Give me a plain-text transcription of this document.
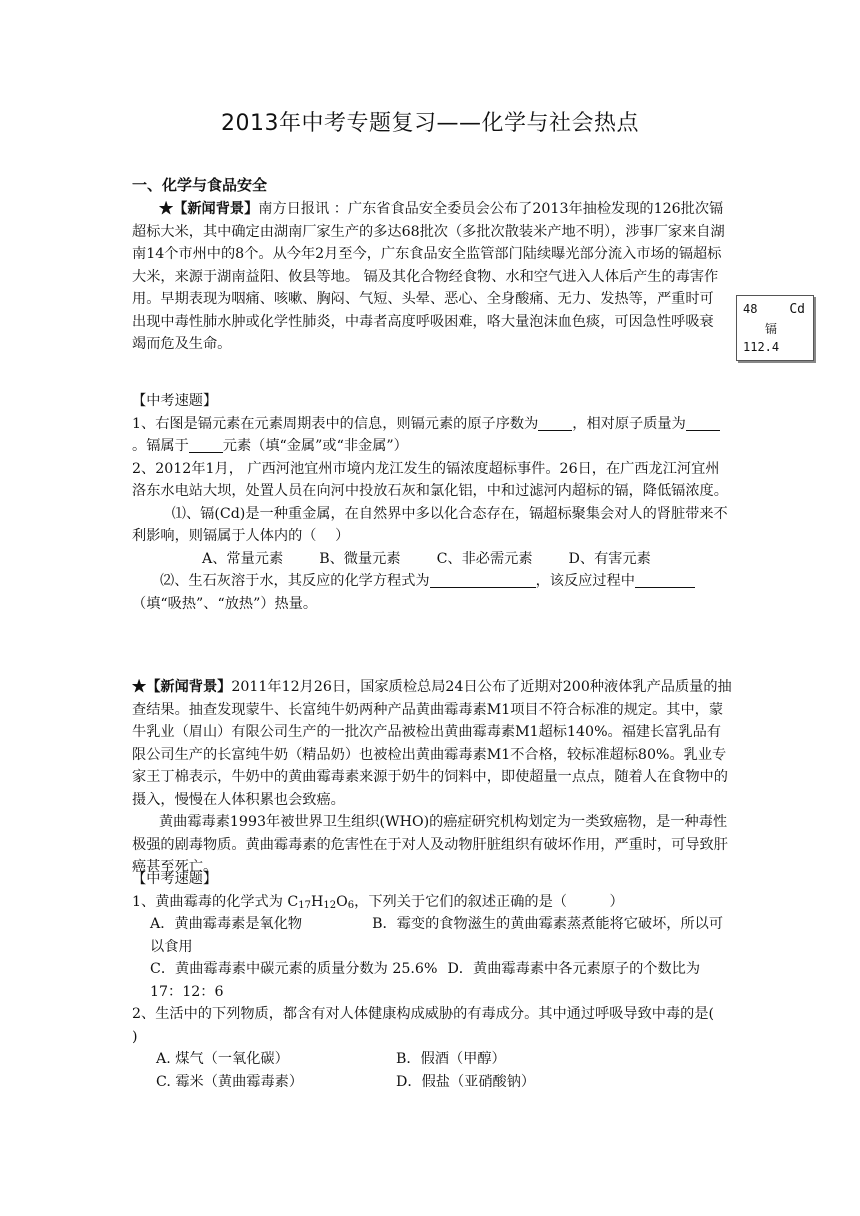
2013年中考专题复习——化学与社会热点
一、化学与食品安全

★【新闻背景】南方日报讯 ：广东省食品安全委员会公布了2013年抽检发现的126批次镉超标大米，其中确定由湖南厂家生产的多达68批次（多批次散装米产地不明），涉事厂家来自湖南14个市州中的8个。从今年2月至今，广东食品安全监管部门陆续曝光部分流入市场的镉超标大米，来源于湖南益阳、攸县等地。 镉及其化合物经食物、水和空气进入人体后产生的毒害作用。早期表现为咽痛、咳嗽、胸闷、气短、头晕、恶心、全身酸痛、无力、发热等，严重时可出现中毒性肺水肿或化学性肺炎，中毒者高度呼吸困难，咯大量泡沫血色痰，可因急性呼吸衰竭而危及生命。

48 Cd
镉
112.4

【中考速题】

1、右图是镉元素在元素周期表中的信息，则镉元素的原子序数为 ，相对原子质量为。镉属于 元素（填“金属”或“非金属”）

2、2012年1月， 广西河池宜州市境内龙江发生的镉浓度超标事件。26日，在广西龙江河宜州洛东水电站大坝，处置人员在向河中投放石灰和氯化铝，中和过滤河内超标的镉，降低镉浓度。

⑴、镉(Cd)是一种重金属，在自然界中多以化合态存在，镉超标聚集会对人的肾脏带来不利影响，则镉属于人体内的（　 ）

A、常量元素	B、微量元素	C、非必需元素	D、有害元素

⑵、生石灰溶于水，其反应的化学方程式为	，该反应过程中

（填“吸热”、“放热”）热量。

★【新闻背景】2011年12月26日，国家质检总局24日公布了近期对200种液体乳产品质量的抽查结果。抽查发现蒙牛、长富纯牛奶两种产品黄曲霉毒素M1项目不符合标准的规定。其中，蒙牛乳业（眉山）有限公司生产的一批次产品被检出黄曲霉毒素M1超标140%。福建长富乳品有限公司生产的长富纯牛奶（精品奶）也被检出黄曲霉毒素M1不合格，较标准超标80%。乳业专家王丁棉表示，牛奶中的黄曲霉毒素来源于奶牛的饲料中，即使超量一点点，随着人在食物中的摄入，慢慢在人体积累也会致癌。

黄曲霉毒素1993年被世界卫生组织(WHO)的癌症研究机构划定为一类致癌物，是一种毒性极强的剧毒物质。黄曲霉毒素的危害性在于对人及动物肝脏组织有破坏作用，严重时，可导致肝癌甚至死亡。

【中考速题】

1、黄曲霉毒的化学式为 $C_{17}H_{12}O_6$，下列关于它们的叙述正确的是（　　　）

A．黄曲霉毒素是氧化物	B．霉变的食物滋生的黄曲霉素蒸煮能将它破坏，所以可以食用

C．黄曲霉毒素中碳元素的质量分数为 25.6% D．黄曲霉毒素中各元素原子的个数比为 17：12：6

2、生活中的下列物质，都含有对人体健康构成威胁的有毒成分。其中通过呼吸导致中毒的是(　　 )

A. 煤气（一氧化碳）	B．假酒（甲醇）
C. 霉米（黄曲霉毒素）	D．假盐（亚硝酸钠）
